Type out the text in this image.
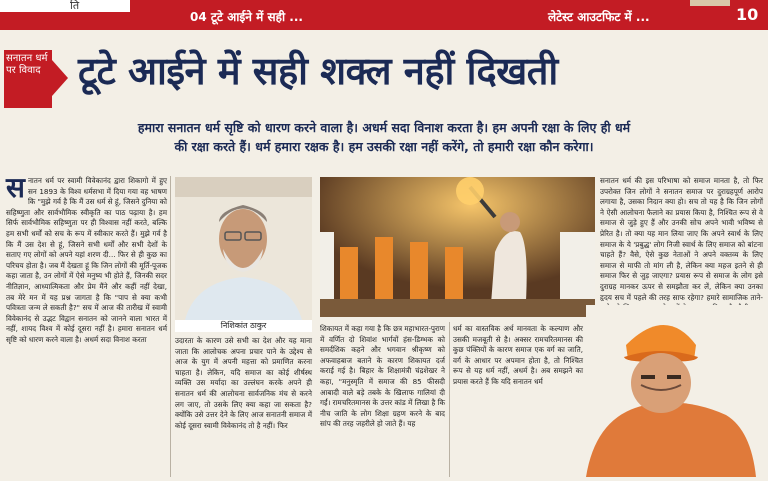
ति
04 टूटे आईने में सही ...	लेटेस्ट आउटफिट में ...	10
सनातन धर्म पर विवाद टूटे आईने में सही शक्ल नहीं दिखती
हमारा सनातन धर्म सृष्टि को धारण करने वाला है। अधर्म सदा विनाश करता है। हम अपनी रक्षा के लिए ही धर्म
की रक्षा करते हैं। धर्म हमारा रक्षक है। हम उसकी रक्षा नहीं करेंगे, तो हमारी रक्षा कौन करेगा।
सनातन धर्म पर स्वामी विवेकानंद द्वारा शिकागो में हुए सन 1893 के विश्व धर्मसभा में दिया गया वह भाषण कि "मुझे गर्व है कि मैं उस धर्म से हूं, जिसने दुनिया को सहिष्णुता और सार्वभौमिक स्वीकृति का पाठ पढ़ाया है। हम सिर्फ सार्वभौमिक सहिष्णुता पर ही विश्वास नहीं करते, बल्कि हम सभी धर्मों को सच के रूप में स्वीकार करते हैं। मुझे गर्व है कि मैं उस देश से हूं, जिसने सभी धर्मों और सभी देशों के सताए गए लोगों को अपने यहां शरण दी... फिर से ही कुछ का परिचय होता है। जब मैं देखता हूं कि जिन लोगों की मूर्ति-पूजक कहा जाता है, उन लोगों में ऐसे मनुष्य भी होते हैं, जिनकी सदर नीतिज्ञान, आध्यात्मिकता और प्रेम मैंने और कहीं नहीं देखा, तब मेरे मन में यह प्रश्न जागता है कि "पाप से क्या कभी पवित्रता जन्म ले सकती है?" सच में आज की तारीख में स्वामी विवेकानंद से उद्भट विद्वान सनातन को जानने वाला भारत में नहीं, शायद विश्व में कोई दूसरा नहीं है। हमारा सनातन धर्म सृष्टि को धारण करने वाला है। अधर्म सदा विनाश करता
निशिकांत ठाकुर
उदारता के कारण उसे सभी का देश और यह माना जाता कि आलोचक अपना प्रचार पाने के उद्देश्य से आज के युग में अपनी महत्ता को प्रमाणित करना चाहता है। लेकिन, यदि समाज का कोई शीर्षस्थ व्यक्ति उस मर्यादा का उल्लंघन करके अपने ही सनातन धर्म की आलोचना सार्वजनिक मंच से करने लग जाए, तो उसके लिए क्या कहा जा सकता है? क्योंकि उसे उत्तर देने के लिए आज सनातनी समाज में कोई दूसरा स्वामी विवेकानंद तो है नहीं। फिर
शिकायत में कहा गया है कि छत्र महाभारत-पुराण में वर्णित दो शिवांश भार्गवों हंस-डिम्भक को समर्दशिक कहने और भगवान श्रीकृष्ण को अफवाहबाज बताने के कारण शिकायत दर्ज कराई गई है। बिहार के शिक्षामंत्री चंद्रशेखर ने कहा, "मनुस्मृति में समाज की 85 फीसदी आबादी वाले बड़े तबके के खिलाफ गालियां दी गईं। रामचरितमानस के उत्तर कांड में लिखा है कि नीच जाति के लोग शिक्षा ग्रहण करने के बाद सांप की तरह जहरीले हो जाते हैं। यह
धर्म का वास्तविक अर्थ मानवता के कल्याण और उसकी मजबूती से है। अक्सर रामचरितमानस की कुछ पंक्तियों के कारण समाज एक वर्ग का जाति, वर्ग के आधार पर अपमान होता है, तो निश्चित रूप से यह धर्म नहीं, अधर्म है। अब समझने का प्रयास करते हैं कि यदि सनातन धर्म
सनातन धर्म की इस परिभाषा को समाज मानता है, तो फिर उपरोक्त जिन लोगों ने सनातन समाज पर दुराग्रहपूर्ण आरोप लगाया है, उसका निदान क्या हो। सच तो यह है कि जिन लोगों ने ऐसी आलोचना फैलाने का प्रयास किया है, निश्चित रूप से वे समाज से जुड़े हुए हैं और उनकी सोच अपने भावी भविष्य से प्रेरित है। तो क्या यह मान लिया जाए कि अपने स्वार्थ के लिए समाज के ये 'प्रबुद्ध' लोग निजी स्वार्थ के लिए समाज को बांटना चाहते हैं? वैसे, ऐसे कुछ नेताओं ने अपने वक्तव्य के लिए समाज से माफी तो मांग ली है, लेकिन क्या महज इतने से ही समाज फिर से जुड़ जाएगा? प्रयास रूप से समाज के लोग इसे दुराग्रह मानकर ऊपर से समझौता कर लें, लेकिन क्या उनका हृदय सच में पहले की तरह साफ रहेगा? हमारे सामाजिक ताने-
